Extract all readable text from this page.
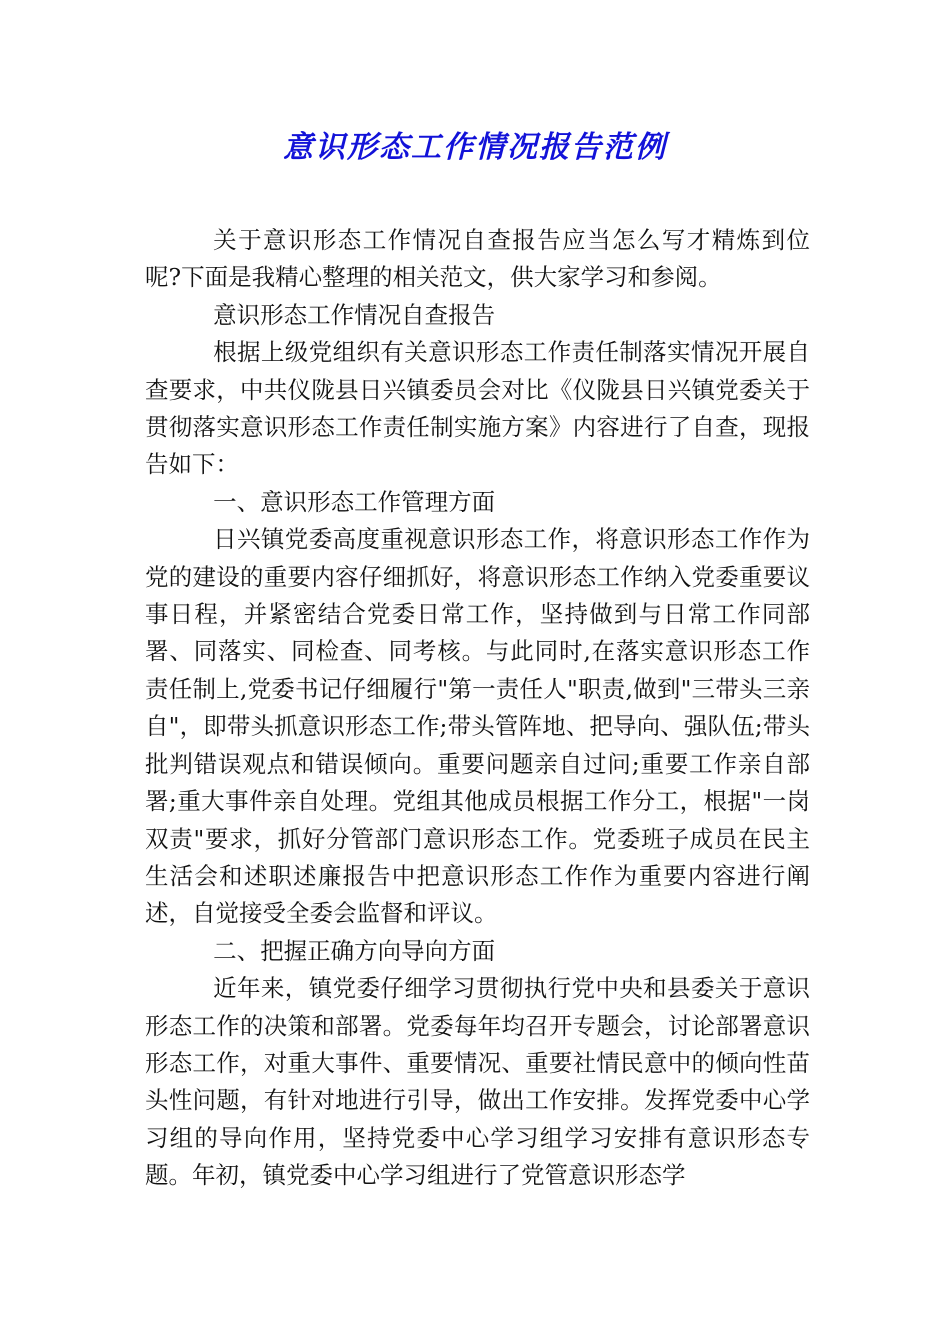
意识形态工作情况报告范例

关于意识形态工作情况自查报告应当怎么写才精炼到位呢?下面是我精心整理的相关范文，供大家学习和参阅。

意识形态工作情况自查报告

根据上级党组织有关意识形态工作责任制落实情况开展自查要求，中共仪陇县日兴镇委员会对比《仪陇县日兴镇党委关于贯彻落实意识形态工作责任制实施方案》内容进行了自查，现报告如下：

一、意识形态工作管理方面

日兴镇党委高度重视意识形态工作，将意识形态工作作为党的建设的重要内容仔细抓好，将意识形态工作纳入党委重要议事日程，并紧密结合党委日常工作，坚持做到与日常工作同部署、同落实、同检查、同考核。与此同时,在落实意识形态工作责任制上,党委书记仔细履行"第一责任人"职责,做到"三带头三亲自"，即带头抓意识形态工作;带头管阵地、把导向、强队伍;带头批判错误观点和错误倾向。重要问题亲自过问;重要工作亲自部署;重大事件亲自处理。党组其他成员根据工作分工，根据"一岗双责"要求，抓好分管部门意识形态工作。党委班子成员在民主生活会和述职述廉报告中把意识形态工作作为重要内容进行阐述，自觉接受全委会监督和评议。

二、把握正确方向导向方面

近年来，镇党委仔细学习贯彻执行党中央和县委关于意识形态工作的决策和部署。党委每年均召开专题会，讨论部署意识形态工作，对重大事件、重要情况、重要社情民意中的倾向性苗头性问题，有针对地进行引导，做出工作安排。发挥党委中心学习组的导向作用，坚持党委中心学习组学习安排有意识形态专题。年初，镇党委中心学习组进行了党管意识形态学
